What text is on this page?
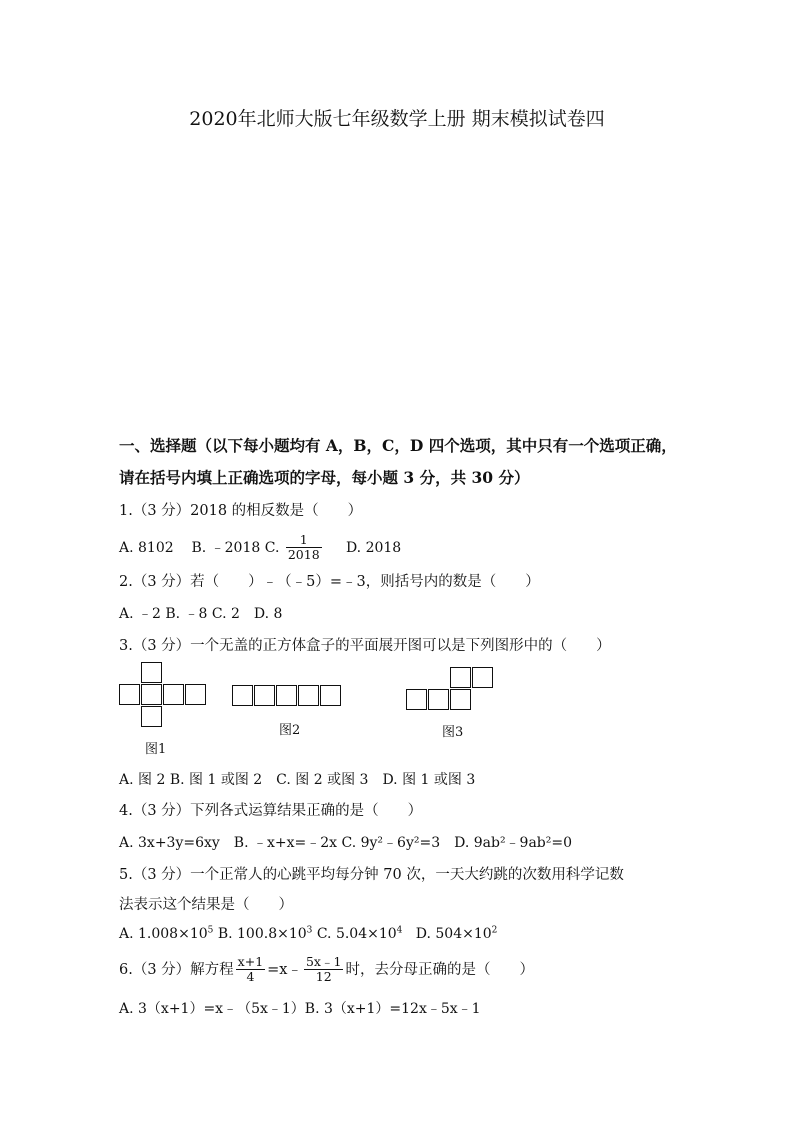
2020年北师大版七年级数学上册 期末模拟试卷四
一、选择题（以下每小题均有 A，B，C，D 四个选项，其中只有一个选项正确，
请在括号内填上正确选项的字母，每小题 3 分，共 30 分）
1.（3 分）2018 的相反数是（　　）
A. 8102 B. ﹣2018 C. $\frac{1}{2018} D$. 2018
2.（3 分）若（　　）﹣（﹣5）=﹣3，则括号内的数是（　　）
A. ﹣2 B. ﹣8 C. 2　D. 8
3.（3 分）一个无盖的正方体盒子的平面展开图可以是下列图形中的（　　）
图1
图2	图3
A. 图 2 B. 图 1 或图 2　C. 图 2 或图 3　D. 图 1 或图 3
4.（3 分）下列各式运算结果正确的是（　　）
A. 3x+3y=6xy　B. ﹣x+x=﹣2x C. 9y²﹣6y²=3　D. 9ab²﹣9ab²=0
5.（3 分）一个正常人的心跳平均每分钟 70 次，一天大约跳的次数用科学记数
法表示这个结果是（　　）
A. $1.008\times 10^5$ B. $100.8\times 10^3$ C. $5.04\times 10^4$ D. $504\times 10^2$
6.（3 分）解方程 $\frac{x+1}{4}$ =x﹣ $\frac{5x﹣1}{12}$ 时，去分母正确的是（　　）
A. 3（x+1）=x﹣（5x﹣1）B. 3（x+1）=12x﹣5x﹣1
